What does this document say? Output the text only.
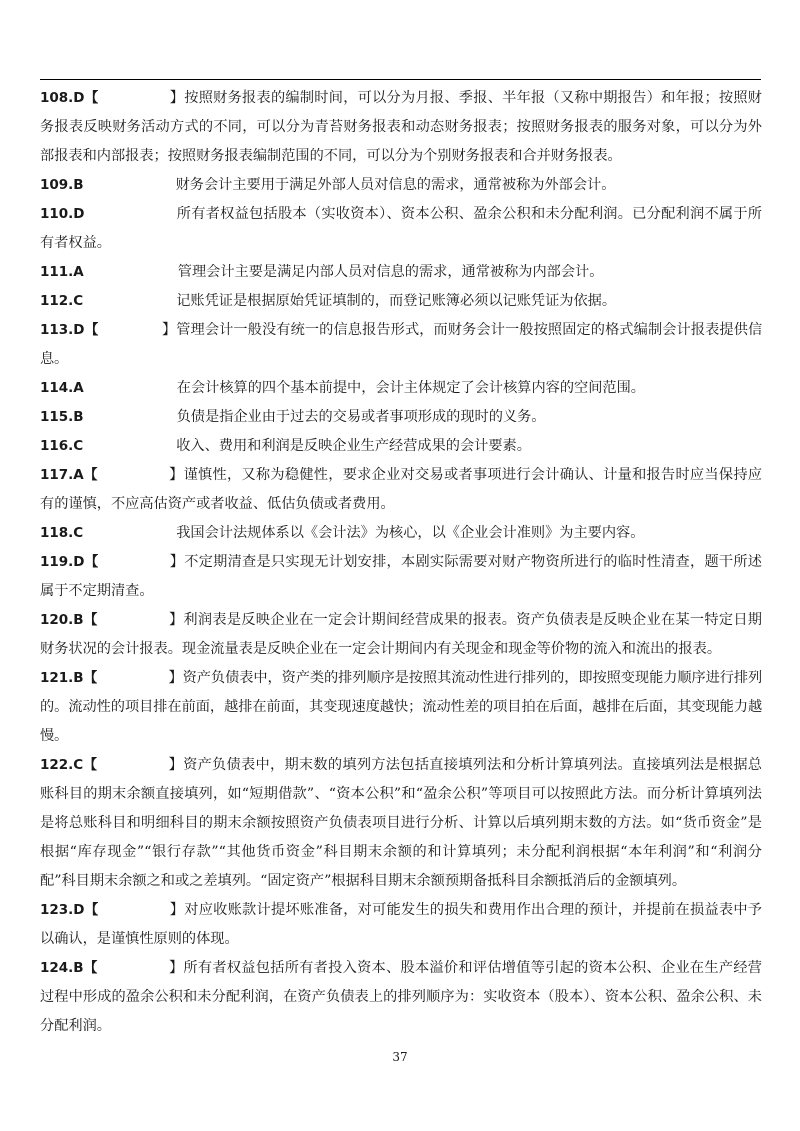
108.D【	】按照财务报表的编制时间，可以分为月报、季报、半年报（又称中期报告）和年报；按照财务报表反映财务活动方式的不同，可以分为青苔财务报表和动态财务报表；按照财务报表的服务对象，可以分为外部报表和内部报表；按照财务报表编制范围的不同，可以分为个别财务报表和合并财务报表。

109.B	财务会计主要用于满足外部人员对信息的需求，通常被称为外部会计。

110.D	所有者权益包括股本（实收资本）、资本公积、盈余公积和未分配利润。已分配利润不属于所有者权益。

111.A	管理会计主要是满足内部人员对信息的需求，通常被称为内部会计。

112.C	记账凭证是根据原始凭证填制的，而登记账簿必须以记账凭证为依据。

113.D【	】管理会计一般没有统一的信息报告形式，而财务会计一般按照固定的格式编制会计报表提供信息。

114.A	在会计核算的四个基本前提中，会计主体规定了会计核算内容的空间范围。

115.B	负债是指企业由于过去的交易或者事项形成的现时的义务。

116.C	收入、费用和利润是反映企业生产经营成果的会计要素。

117.A【	】谨慎性，又称为稳健性，要求企业对交易或者事项进行会计确认、计量和报告时应当保持应有的谨慎，不应高估资产或者收益、低估负债或者费用。

118.C	我国会计法规体系以《会计法》为核心，以《企业会计准则》为主要内容。

119.D【	】不定期清查是只实现无计划安排，本剧实际需要对财产物资所进行的临时性清查，题干所述属于不定期清查。

120.B【	】利润表是反映企业在一定会计期间经营成果的报表。资产负债表是反映企业在某一特定日期财务状况的会计报表。现金流量表是反映企业在一定会计期间内有关现金和现金等价物的流入和流出的报表。

121.B【	】资产负债表中，资产类的排列顺序是按照其流动性进行排列的，即按照变现能力顺序进行排列的。流动性的项目排在前面，越排在前面，其变现速度越快；流动性差的项目拍在后面，越排在后面，其变现能力越慢。

122.C【	】资产负债表中，期末数的填列方法包括直接填列法和分析计算填列法。直接填列法是根据总账科目的期末余额直接填列，如“短期借款”、“资本公积”和“盈余公积”等项目可以按照此方法。而分析计算填列法是将总账科目和明细科目的期末余额按照资产负债表项目进行分析、计算以后填列期末数的方法。如“货币资金”是根据“库存现金”“银行存款”“其他货币资金”科目期末余额的和计算填列；未分配利润根据“本年利润”和“利润分配”科目期末余额之和或之差填列。“固定资产”根据科目期末余额预期备抵科目余额抵消后的金额填列。

123.D【	】对应收账款计提坏账准备，对可能发生的损失和费用作出合理的预计，并提前在损益表中予以确认，是谨慎性原则的体现。

124.B【	】所有者权益包括所有者投入资本、股本溢价和评估增值等引起的资本公积、企业在生产经营过程中形成的盈余公积和未分配利润，在资产负债表上的排列顺序为：实收资本（股本）、资本公积、盈余公积、未分配利润。

37
